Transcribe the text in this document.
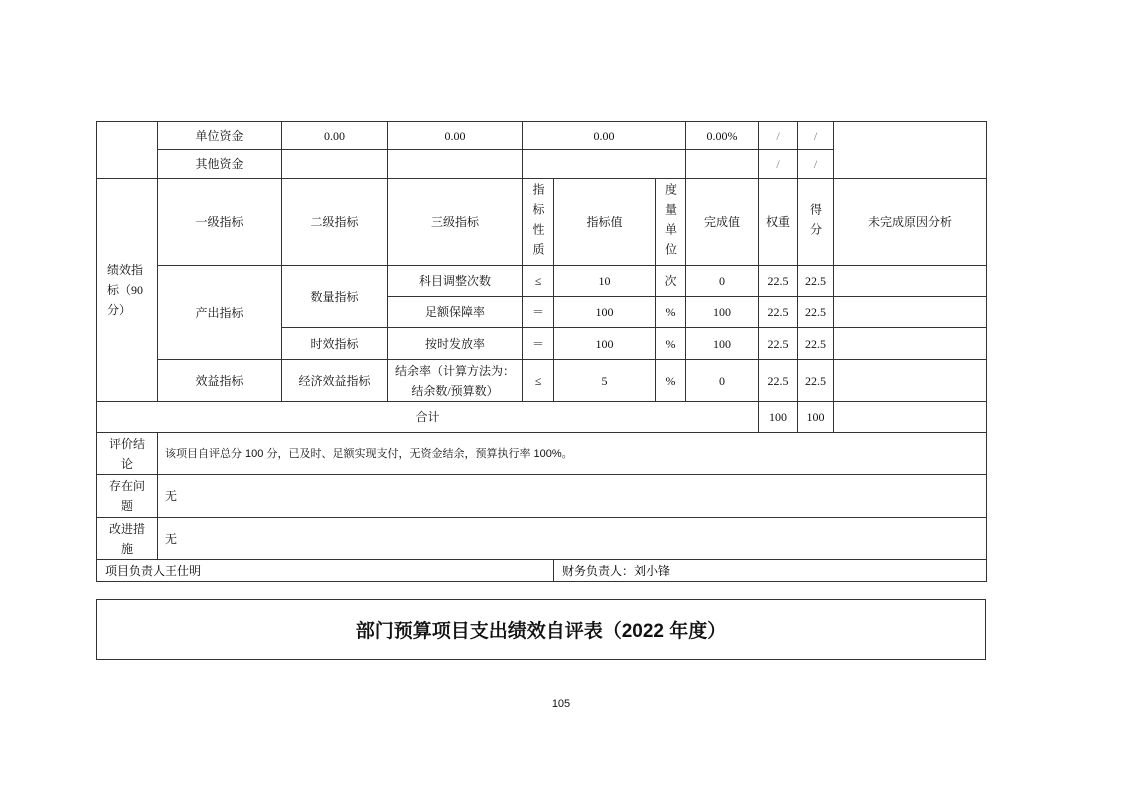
	单位资金	0.00	0.00	0.00			0.00%	/	/	
	其他资金							/	/	
绩效指标（90分）	一级指标	二级指标	三级指标	指标性质	指标值	度量单位	完成值	权重	得分	未完成原因分析
	产出指标	数量指标	科目调整次数	≤	10	次	0	22.5	22.5	
			足额保障率	＝	100	%	100	22.5	22.5	
		时效指标	按时发放率	＝	100	%	100	22.5	22.5	
	效益指标	经济效益指标	结余率（计算方法为：结余数/预算数）	≤	5	%	0	22.5	22.5	
合计								100	100	
评价结论	该项目自评总分 100 分，已及时、足额实现支付，无资金结余，预算执行率 100%。									
存在问题	无									
改进措施	无									
项目负责人王仕明					财务负责人：刘小锋					
部门预算项目支出绩效自评表（2022 年度）
105
